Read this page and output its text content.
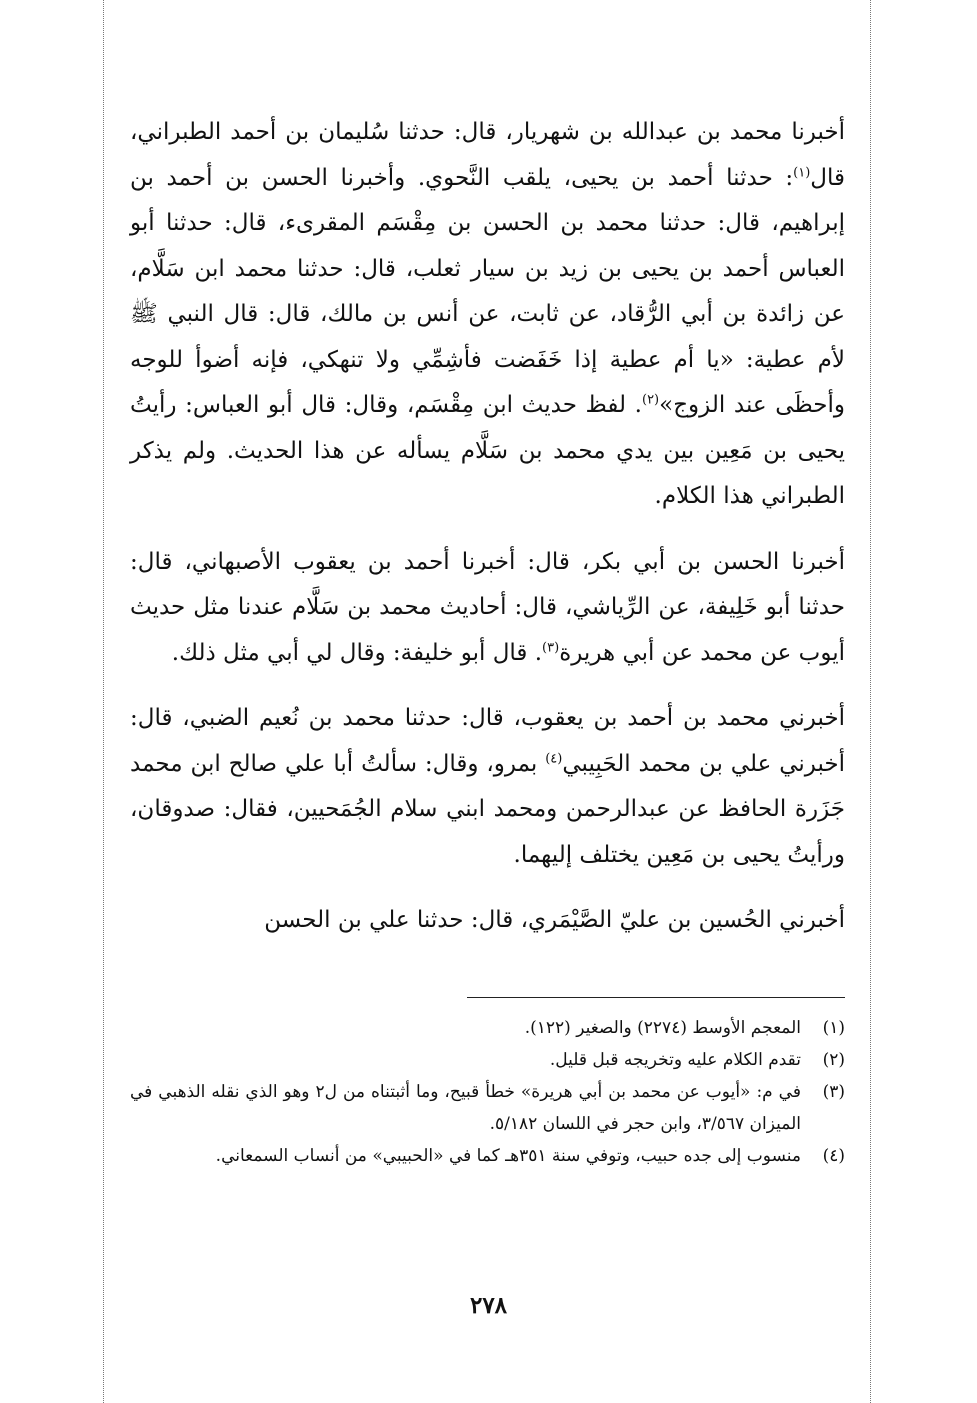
أخبرنا محمد بن عبدالله بن شهريار، قال: حدثنا سُليمان بن أحمد الطبراني، قال$^{(١)}$: حدثنا أحمد بن يحيى، يلقب النَّحوي. وأخبرنا الحسن بن أحمد بن إبراهيم، قال: حدثنا محمد بن الحسن بن مِقْسَم المقرىء، قال: حدثنا أبو العباس أحمد بن يحيى بن زيد بن سيار ثعلب، قال: حدثنا محمد ابن سَلَّام، عن زائدة بن أبي الرُّقاد، عن ثابت، عن أنس بن مالك، قال: قال النبي ﷺ لأم عطية: «يا أم عطية إذا خَفَضت فأشِمِّي ولا تنهكي، فإنه أضوأ للوجه وأحظَى عند الزوج»$^{(٢)}$. لفظ حديث ابن مِقْسَم، وقال: قال أبو العباس: رأيتُ يحيى بن مَعِين بين يدي محمد بن سَلَّام يسأله عن هذا الحديث. ولم يذكر الطبراني هذا الكلام.

أخبرنا الحسن بن أبي بكر، قال: أخبرنا أحمد بن يعقوب الأصبهاني، قال: حدثنا أبو خَلِيفة، عن الرِّياشي، قال: أحاديث محمد بن سَلَّام عندنا مثل حديث أيوب عن محمد عن أبي هريرة$^{(٣)}$. قال أبو خليفة: وقال لي أبي مثل ذلك.

أخبرني محمد بن أحمد بن يعقوب، قال: حدثنا محمد بن نُعيم الضبي، قال: أخبرني علي بن محمد الحَبِيبي$^{(٤)}$ بمرو، وقال: سألتُ أبا علي صالح ابن محمد جَزَرة الحافظ عن عبدالرحمن ومحمد ابني سلام الجُمَحيين، فقال: صدوقان، ورأيتُ يحيى بن مَعِين يختلف إليهما.

أخبرني الحُسين بن عليّ الصَّيْمَري، قال: حدثنا علي بن الحسن

(١)
المعجم الأوسط (٢٢٧٤) والصغير (١٢٢).
(٢)
تقدم الكلام عليه وتخريجه قبل قليل.
(٣)
في م: «أيوب عن محمد بن أبي هريرة» خطأ قبيح، وما أثبتناه من ل٢ وهو الذي نقله الذهبي في الميزان ٣/٥٦٧، وابن حجر في اللسان ٥/١٨٢.
(٤)
منسوب إلى جده حبيب، وتوفي سنة ٣٥١هـ كما في «الحبيبي» من أنساب السمعاني.
٢٧٨
